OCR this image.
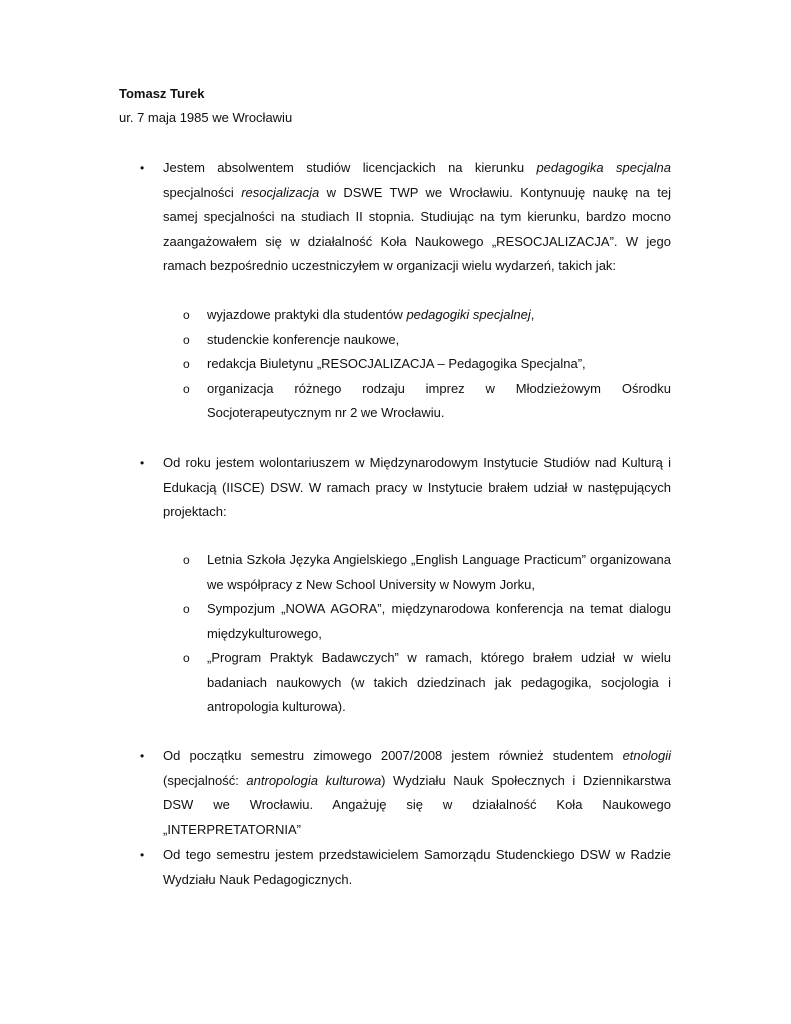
Tomasz Turek
ur. 7 maja 1985 we Wrocławiu
• Jestem absolwentem studiów licencjackich na kierunku pedagogika specjalna specjalności resocjalizacja w DSWE TWP we Wrocławiu. Kontynuuję naukę na tej samej specjalności na studiach II stopnia. Studiując na tym kierunku, bardzo mocno zaangażowałem się w działalność Koła Naukowego „RESOCJALIZACJA”. W jego ramach bezpośrednio uczestniczyłem w organizacji wielu wydarzeń, takich jak:
o wyjazdowe praktyki dla studentów pedagogiki specjalnej,
o studenckie konferencje naukowe,
o redakcja Biuletynu „RESOCJALIZACJA – Pedagogika Specjalna”,
o organizacja różnego rodzaju imprez w Młodzieżowym Ośrodku Socjoterapeutycznym nr 2 we Wrocławiu.
• Od roku jestem wolontariuszem w Międzynarodowym Instytucie Studiów nad Kulturą i Edukacją (IISCE) DSW. W ramach pracy w Instytucie brałem udział w następujących projektach:
o Letnia Szkoła Języka Angielskiego „English Language Practicum” organizowana we współpracy z New School University w Nowym Jorku,
o Sympozjum „NOWA AGORA”, międzynarodowa konferencja na temat dialogu międzykulturowego,
o „Program Praktyk Badawczych” w ramach, którego brałem udział w wielu badaniach naukowych (w takich dziedzinach jak pedagogika, socjologia i antropologia kulturowa).
• Od początku semestru zimowego 2007/2008 jestem również studentem etnologii (specjalność: antropologia kulturowa) Wydziału Nauk Społecznych i Dziennikarstwa DSW we Wrocławiu. Angażuję się w działalność Koła Naukowego „INTERPRETATORNIA”
• Od tego semestru jestem przedstawicielem Samorządu Studenckiego DSW w Radzie Wydziału Nauk Pedagogicznych.
